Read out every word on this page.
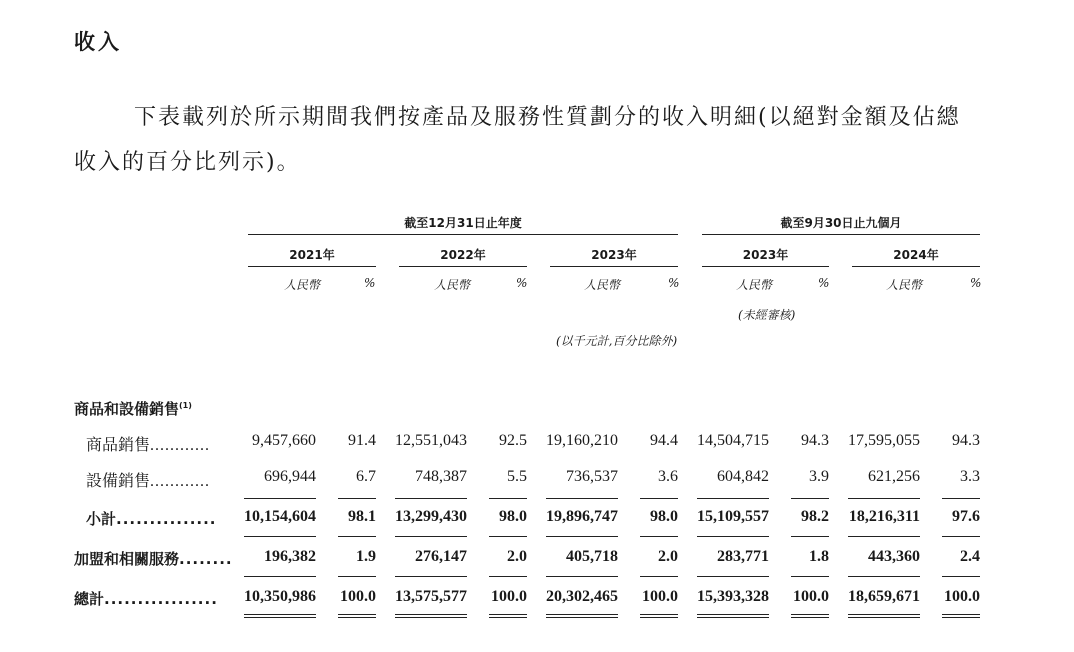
收入
下表載列於所示期間我們按產品及服務性質劃分的收入明細(以絕對金額及佔總
收入的百分比列示)。
截至12月31日止年度	截至9月30日止九個月
2021年	2022年	2023年	2023年	2024年
人民幣	%	人民幣	%	人民幣	%	人民幣	%	人民幣	%
(未經審核)
(以千元計,百分比除外)
商品和設備銷售$^{(1)}$
商品銷售............	9,457,660	91.4	12,551,043	92.5	19,160,210	94.4	14,504,715	94.3	17,595,055	94.3
設備銷售............	696,944	6.7	748,387	5.5	736,537	3.6	604,842	3.9	621,256	3.3
小計...............	10,154,604	98.1	13,299,430	98.0	19,896,747	98.0	15,109,557	98.2	18,216,311	97.6
加盟和相關服務........	196,382	1.9	276,147	2.0	405,718	2.0	283,771	1.8	443,360	2.4
總計.................	10,350,986	100.0	13,575,577	100.0	20,302,465	100.0	15,393,328	100.0	18,659,671	100.0
